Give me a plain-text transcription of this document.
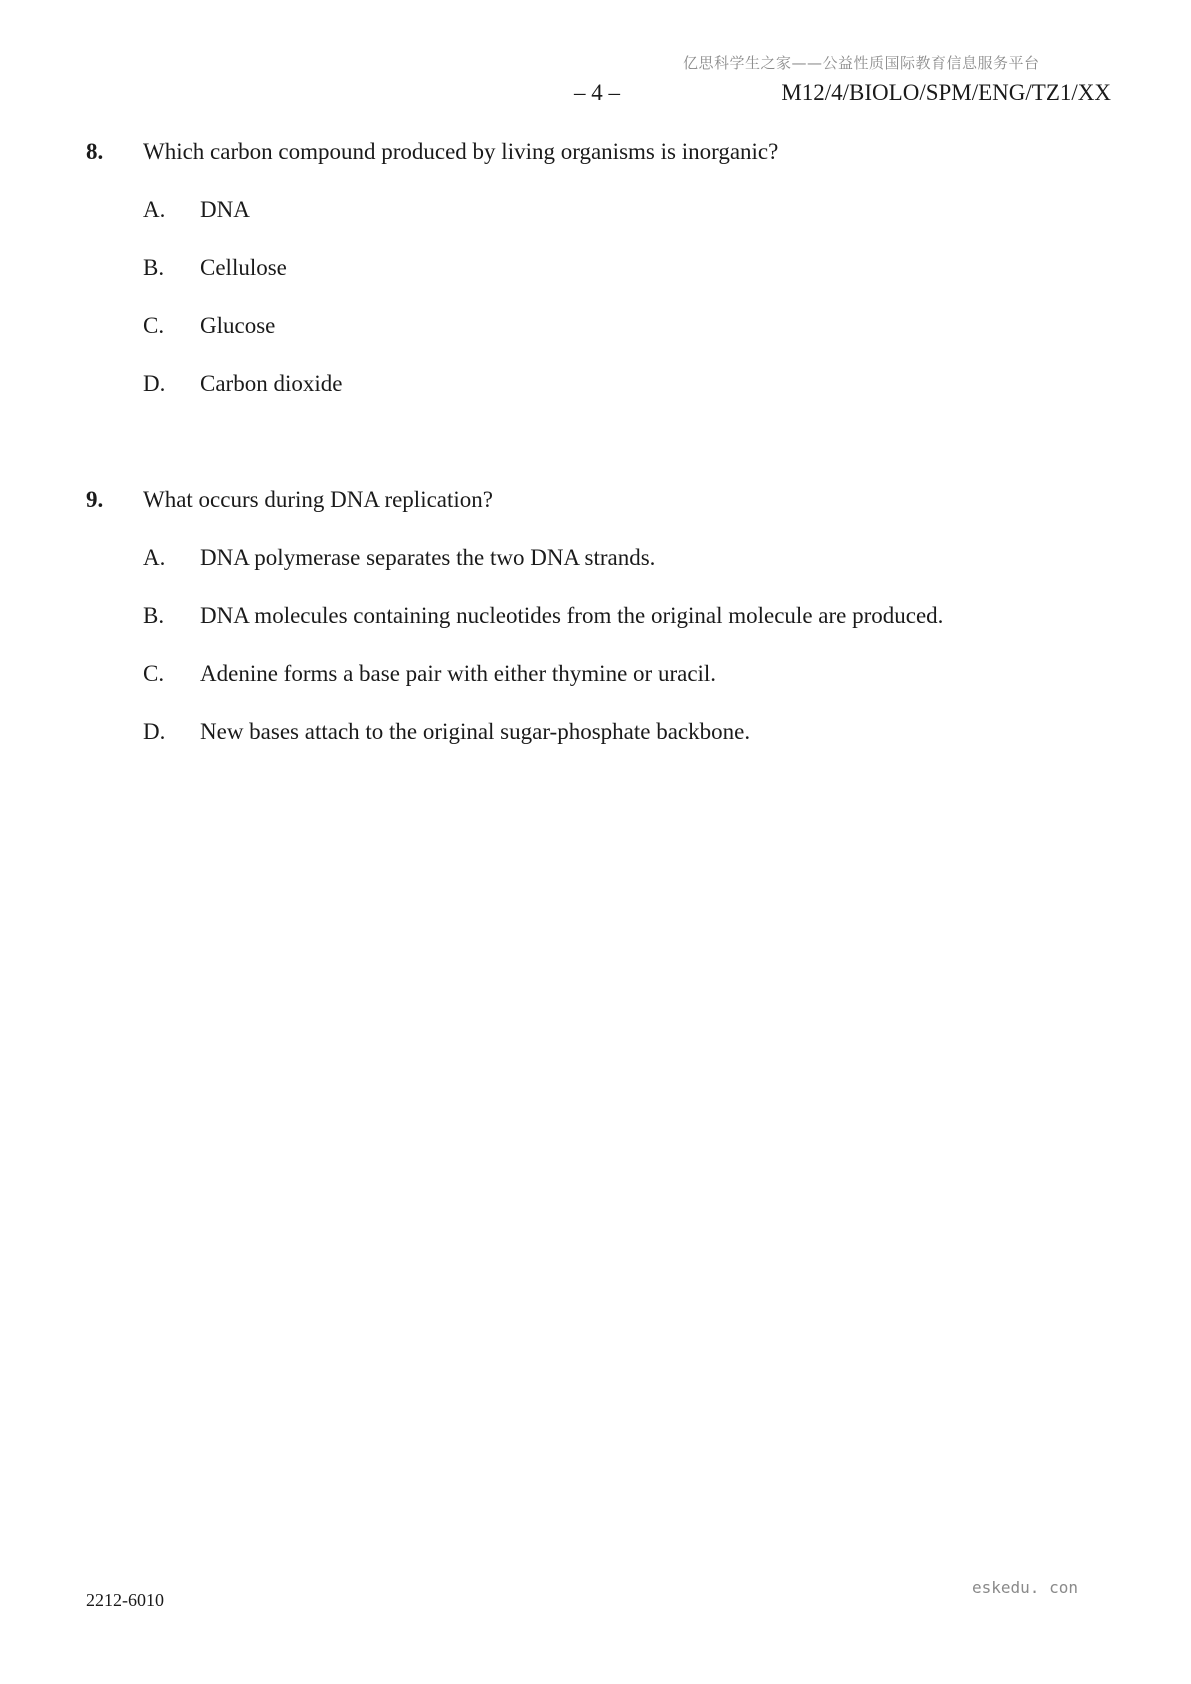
亿思科学生之家——公益性质国际教育信息服务平台
– 4 –	M12/4/BIOLO/SPM/ENG/TZ1/XX
8.	Which carbon compound produced by living organisms is inorganic?
A.	DNA
B.	Cellulose
C.	Glucose
D.	Carbon dioxide
9.	What occurs during DNA replication?
A.	DNA polymerase separates the two DNA strands.
B.	DNA molecules containing nucleotides from the original molecule are produced.
C.	Adenine forms a base pair with either thymine or uracil.
D.	New bases attach to the original sugar-phosphate backbone.
2212-6010
eskedu. con
